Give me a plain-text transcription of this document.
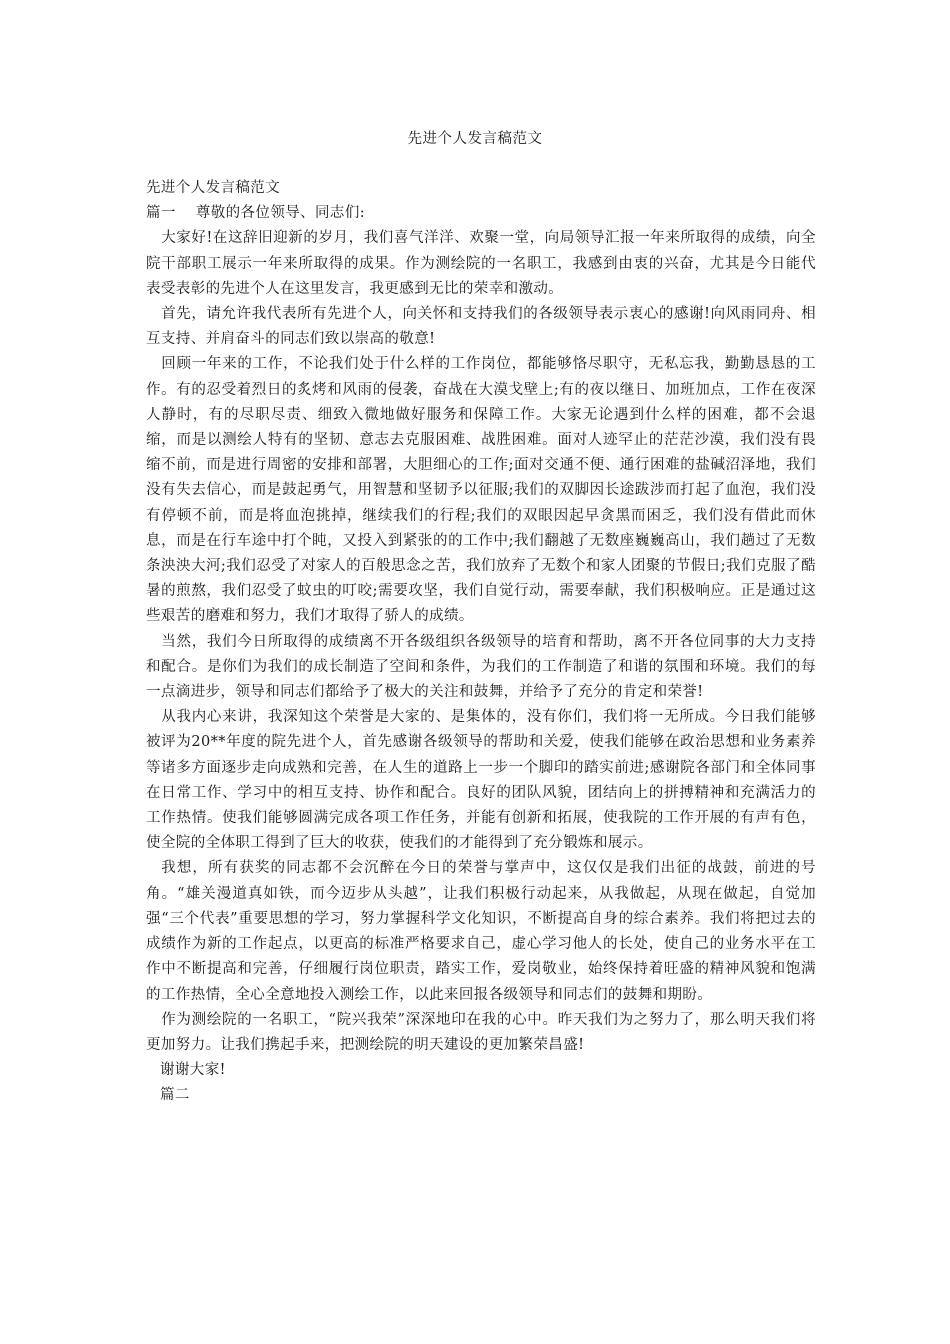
先进个人发言稿范文

先进个人发言稿范文

篇一    尊敬的各位领导、同志们:

大家好!在这辞旧迎新的岁月，我们喜气洋洋、欢聚一堂，向局领导汇报一年来所取得的成绩，向全院干部职工展示一年来所取得的成果。作为测绘院的一名职工，我感到由衷的兴奋，尤其是今日能代表受表彰的先进个人在这里发言，我更感到无比的荣幸和激动。

首先，请允许我代表所有先进个人，向关怀和支持我们的各级领导表示衷心的感谢!向风雨同舟、相互支持、并肩奋斗的同志们致以崇高的敬意!

回顾一年来的工作，不论我们处于什么样的工作岗位，都能够恪尽职守，无私忘我，勤勤恳恳的工作。有的忍受着烈日的炙烤和风雨的侵袭，奋战在大漠戈壁上;有的夜以继日、加班加点，工作在夜深人静时，有的尽职尽责、细致入微地做好服务和保障工作。大家无论遇到什么样的困难，都不会退缩，而是以测绘人特有的坚韧、意志去克服困难、战胜困难。面对人迹罕止的茫茫沙漠，我们没有畏缩不前，而是进行周密的安排和部署，大胆细心的工作;面对交通不便、通行困难的盐碱沼泽地，我们没有失去信心，而是鼓起勇气，用智慧和坚韧予以征服;我们的双脚因长途跋涉而打起了血泡，我们没有停顿不前，而是将血泡挑掉，继续我们的行程;我们的双眼因起早贪黑而困乏，我们没有借此而休息，而是在行车途中打个盹，又投入到紧张的的工作中;我们翻越了无数座巍巍高山，我们趟过了无数条泱泱大河;我们忍受了对家人的百般思念之苦，我们放弃了无数个和家人团聚的节假日;我们克服了酷暑的煎熬，我们忍受了蚊虫的叮咬;需要攻坚，我们自觉行动，需要奉献，我们积极响应。正是通过这些艰苦的磨难和努力，我们才取得了骄人的成绩。

当然，我们今日所取得的成绩离不开各级组织各级领导的培育和帮助，离不开各位同事的大力支持和配合。是你们为我们的成长制造了空间和条件，为我们的工作制造了和谐的氛围和环境。我们的每一点滴进步，领导和同志们都给予了极大的关注和鼓舞，并给予了充分的肯定和荣誉!

从我内心来讲，我深知这个荣誉是大家的、是集体的，没有你们，我们将一无所成。今日我们能够被评为20**年度的院先进个人，首先感谢各级领导的帮助和关爱，使我们能够在政治思想和业务素养等诸多方面逐步走向成熟和完善，在人生的道路上一步一个脚印的踏实前进;感谢院各部门和全体同事在日常工作、学习中的相互支持、协作和配合。良好的团队风貌，团结向上的拼搏精神和充满活力的工作热情。使我们能够圆满完成各项工作任务，并能有创新和拓展，使我院的工作开展的有声有色，使全院的全体职工得到了巨大的收获，使我们的才能得到了充分锻炼和展示。

我想，所有获奖的同志都不会沉醉在今日的荣誉与掌声中，这仅仅是我们出征的战鼓，前进的号角。“雄关漫道真如铁，而今迈步从头越”，让我们积极行动起来，从我做起，从现在做起，自觉加强“三个代表”重要思想的学习，努力掌握科学文化知识，不断提高自身的综合素养。我们将把过去的成绩作为新的工作起点，以更高的标准严格要求自己，虚心学习他人的长处，使自己的业务水平在工作中不断提高和完善，仔细履行岗位职责，踏实工作，爱岗敬业，始终保持着旺盛的精神风貌和饱满的工作热情，全心全意地投入测绘工作，以此来回报各级领导和同志们的鼓舞和期盼。

作为测绘院的一名职工，“院兴我荣”深深地印在我的心中。昨天我们为之努力了，那么明天我们将更加努力。让我们携起手来，把测绘院的明天建设的更加繁荣昌盛!

谢谢大家!

篇二
